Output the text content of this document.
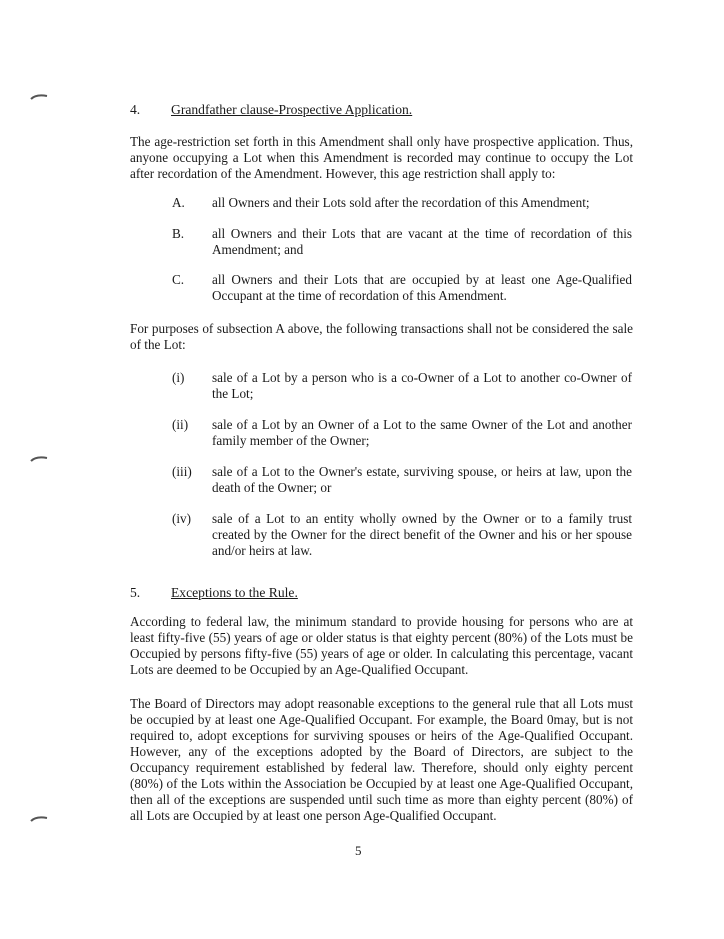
4. Grandfather clause-Prospective Application.
The age-restriction set forth in this Amendment shall only have prospective application. Thus, anyone occupying a Lot when this Amendment is recorded may continue to occupy the Lot after recordation of the Amendment. However, this age restriction shall apply to:
A. all Owners and their Lots sold after the recordation of this Amendment;
B. all Owners and their Lots that are vacant at the time of recordation of this Amendment; and
C. all Owners and their Lots that are occupied by at least one Age-Qualified Occupant at the time of recordation of this Amendment.
For purposes of subsection A above, the following transactions shall not be considered the sale of the Lot:
(i) sale of a Lot by a person who is a co-Owner of a Lot to another co-Owner of the Lot;
(ii) sale of a Lot by an Owner of a Lot to the same Owner of the Lot and another family member of the Owner;
(iii) sale of a Lot to the Owner's estate, surviving spouse, or heirs at law, upon the death of the Owner; or
(iv) sale of a Lot to an entity wholly owned by the Owner or to a family trust created by the Owner for the direct benefit of the Owner and his or her spouse and/or heirs at law.
5. Exceptions to the Rule.
According to federal law, the minimum standard to provide housing for persons who are at least fifty-five (55) years of age or older status is that eighty percent (80%) of the Lots must be Occupied by persons fifty-five (55) years of age or older. In calculating this percentage, vacant Lots are deemed to be Occupied by an Age-Qualified Occupant.
The Board of Directors may adopt reasonable exceptions to the general rule that all Lots must be occupied by at least one Age-Qualified Occupant. For example, the Board 0may, but is not required to, adopt exceptions for surviving spouses or heirs of the Age-Qualified Occupant. However, any of the exceptions adopted by the Board of Directors, are subject to the Occupancy requirement established by federal law. Therefore, should only eighty percent (80%) of the Lots within the Association be Occupied by at least one Age-Qualified Occupant, then all of the exceptions are suspended until such time as more than eighty percent (80%) of all Lots are Occupied by at least one person Age-Qualified Occupant.
5
